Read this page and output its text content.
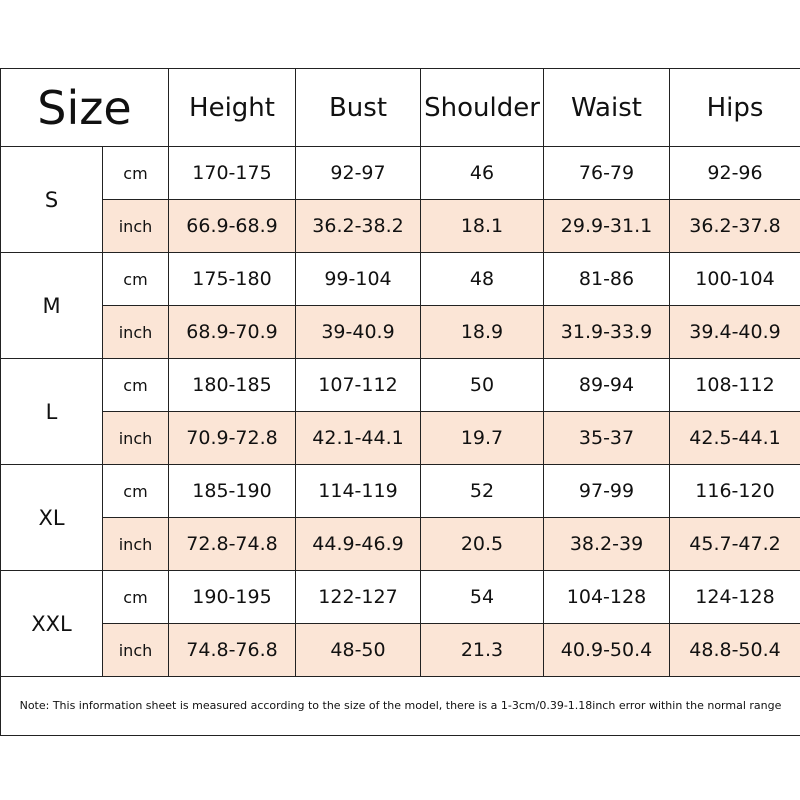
Size		Height	Bust	Shoulder	Waist	Hips
S	cm	170-175	92-97	46	76-79	92-96
	inch	66.9-68.9	36.2-38.2	18.1	29.9-31.1	36.2-37.8
M	cm	175-180	99-104	48	81-86	100-104
	inch	68.9-70.9	39-40.9	18.9	31.9-33.9	39.4-40.9
L	cm	180-185	107-112	50	89-94	108-112
	inch	70.9-72.8	42.1-44.1	19.7	35-37	42.5-44.1
XL	cm	185-190	114-119	52	97-99	116-120
	inch	72.8-74.8	44.9-46.9	20.5	38.2-39	45.7-47.2
XXL	cm	190-195	122-127	54	104-128	124-128
	inch	74.8-76.8	48-50	21.3	40.9-50.4	48.8-50.4
Note: This information sheet is measured according to the size of the model, there is a 1-3cm/0.39-1.18inch error within the normal range						
